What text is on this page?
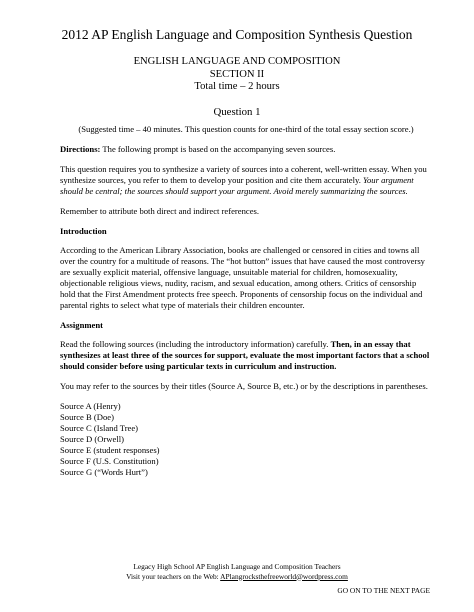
2012 AP English Language and Composition Synthesis Question
ENGLISH LANGUAGE AND COMPOSITION
SECTION II
Total time – 2 hours
Question 1

(Suggested time – 40 minutes. This question counts for one-third of the total essay section score.)

Directions: The following prompt is based on the accompanying seven sources.

This question requires you to synthesize a variety of sources into a coherent, well-written essay. When you synthesize sources, you refer to them to develop your position and cite them accurately. Your argument should be central; the sources should support your argument. Avoid merely summarizing the sources.

Remember to attribute both direct and indirect references.

Introduction

According to the American Library Association, books are challenged or censored in cities and towns all over the country for a multitude of reasons. The “hot button” issues that have caused the most controversy are sexually explicit material, offensive language, unsuitable material for children, homosexuality, objectionable religious views, nudity, racism, and sexual education, among others. Critics of censorship hold that the First Amendment protects free speech. Proponents of censorship focus on the individual and parental rights to select what type of materials their children encounter.

Assignment

Read the following sources (including the introductory information) carefully. Then, in an essay that synthesizes at least three of the sources for support, evaluate the most important factors that a school should consider before using particular texts in curriculum and instruction.

You may refer to the sources by their titles (Source A, Source B, etc.) or by the descriptions in parentheses.

Source A (Henry)
Source B (Doe)
Source C (Island Tree)
Source D (Orwell)
Source E (student responses)
Source F (U.S. Constitution)
Source G (“Words Hurt”)
Legacy High School AP English Language and Composition Teachers
Visit your teachers on the Web: APlangrocksthefreeworld@wordpress.com
GO ON TO THE NEXT PAGE
